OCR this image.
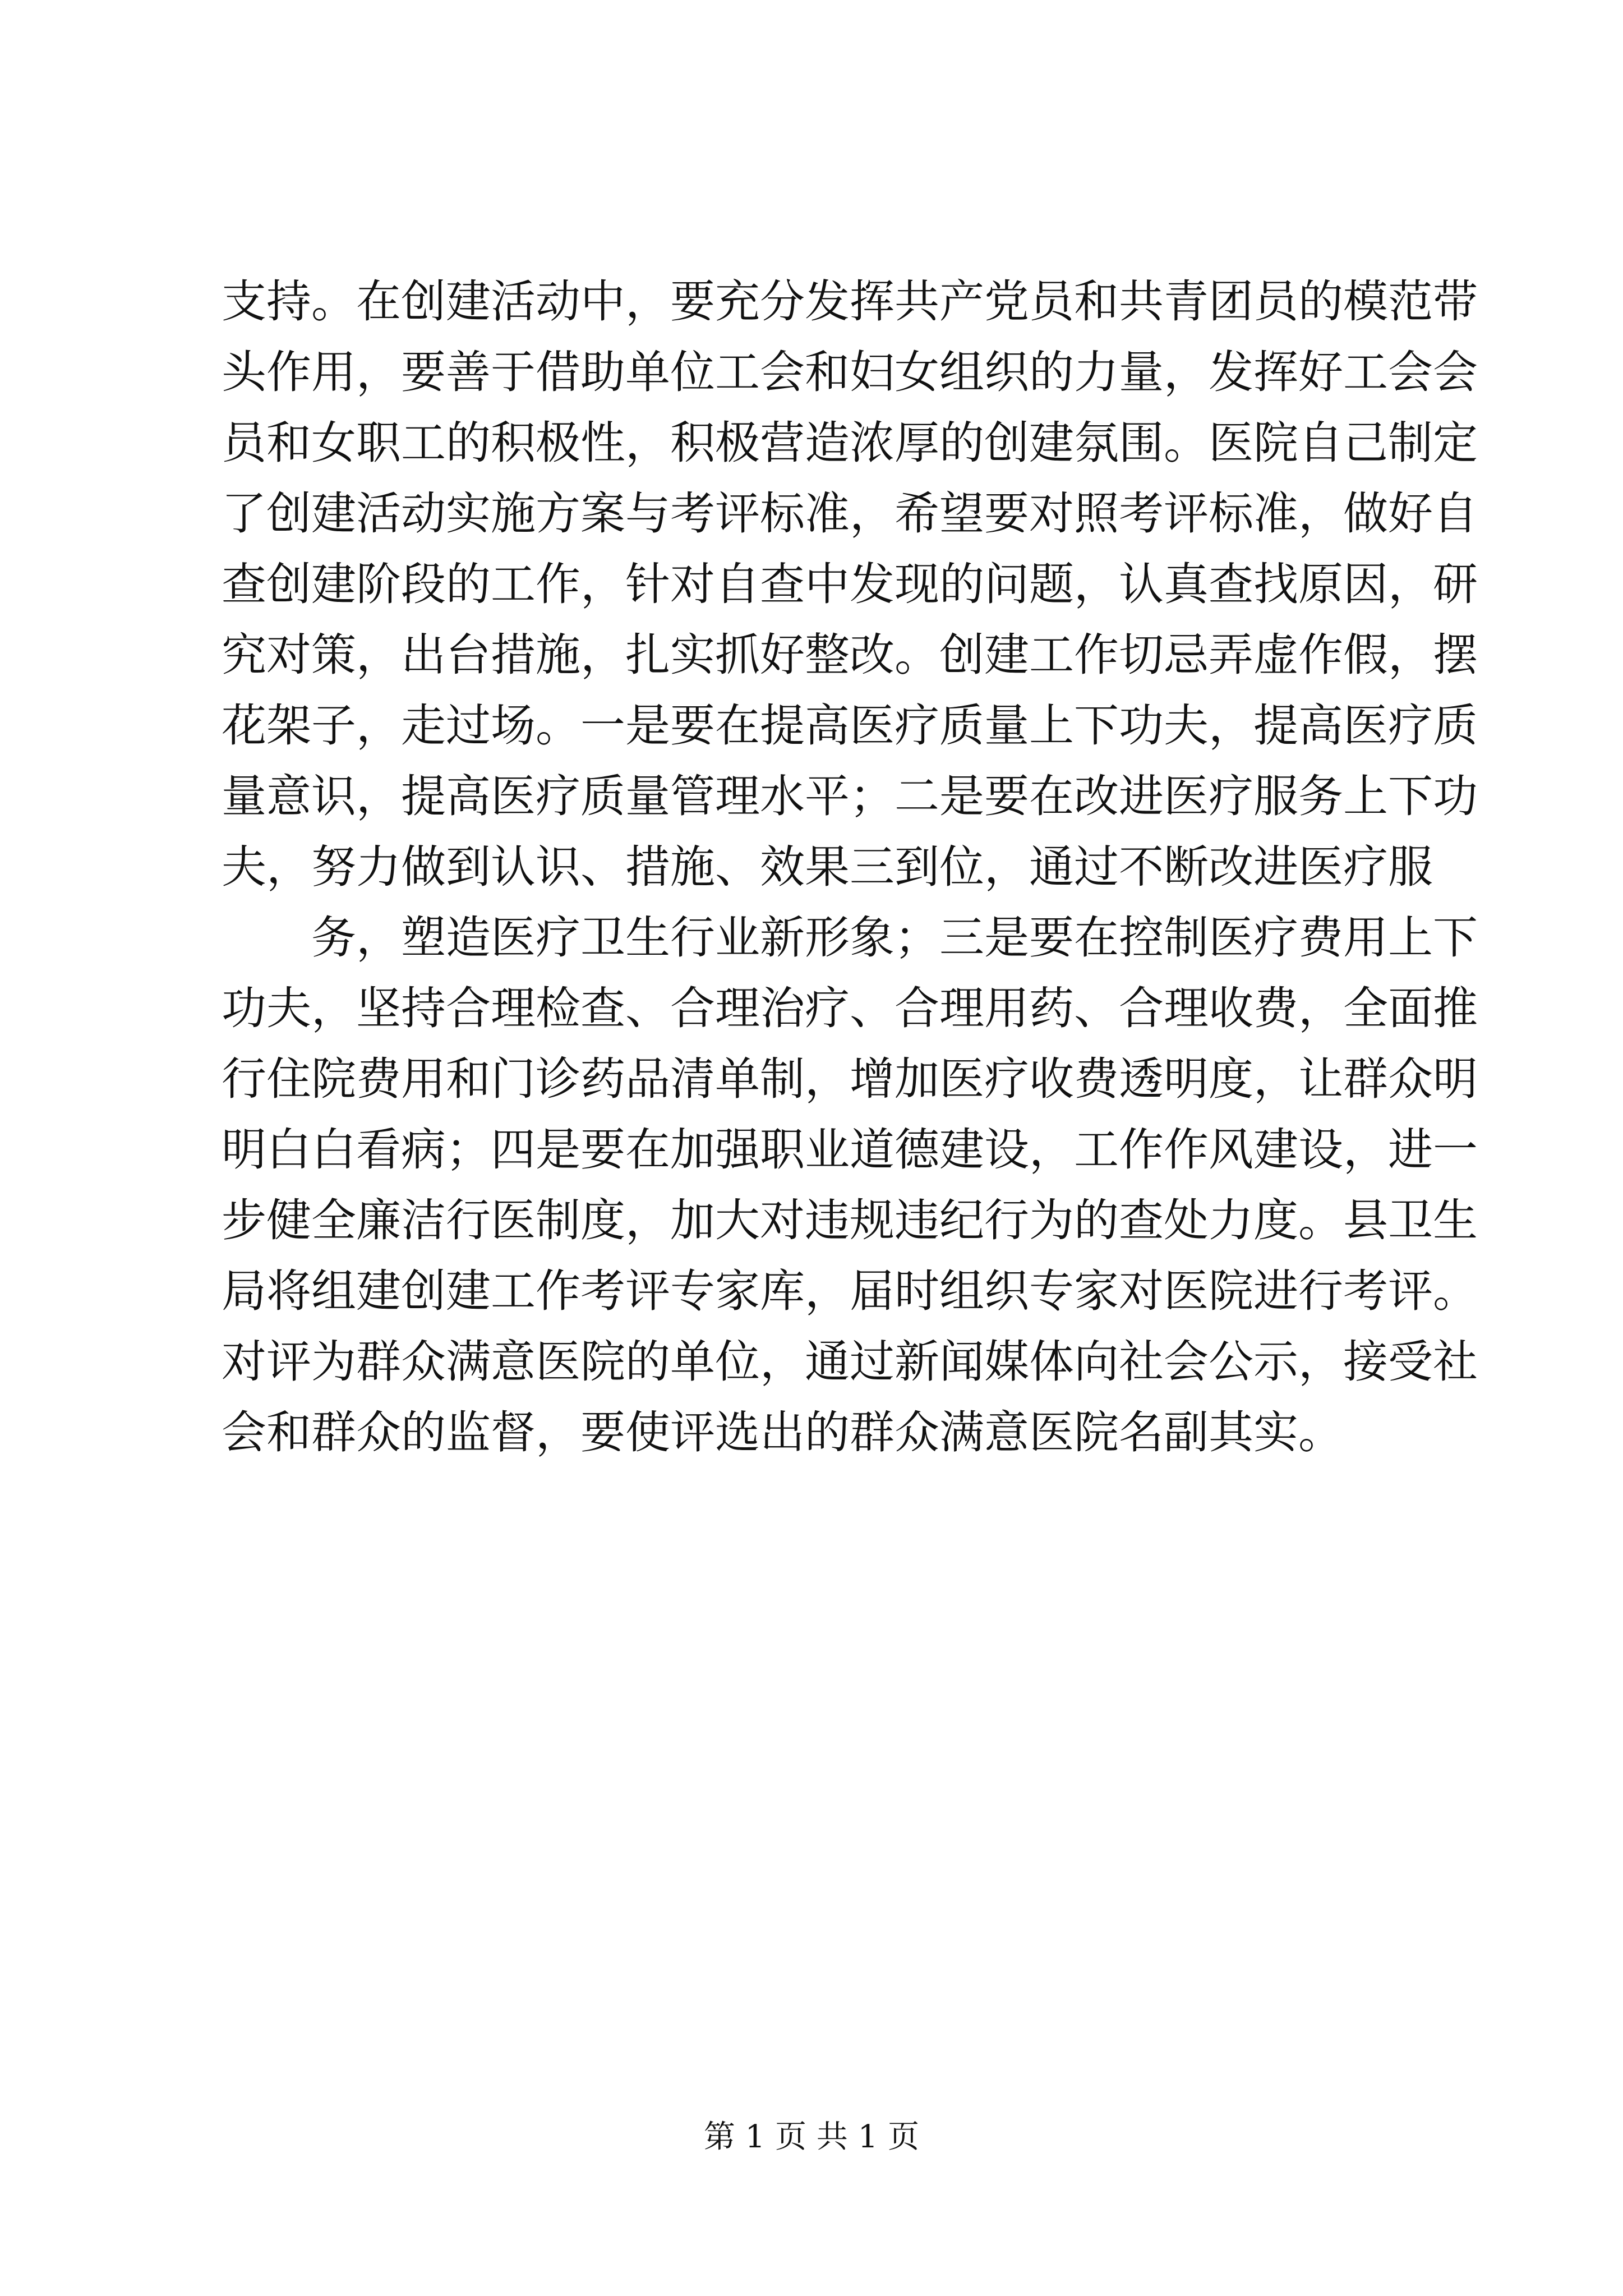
支持。在创建活动中，要充分发挥共产党员和共青团员的模范带
头作用，要善于借助单位工会和妇女组织的力量，发挥好工会会
员和女职工的积极性，积极营造浓厚的创建氛围。医院自己制定
了创建活动实施方案与考评标准，希望要对照考评标准，做好自
查创建阶段的工作，针对自查中发现的问题，认真查找原因，研
究对策，出台措施，扎实抓好整改。创建工作切忌弄虚作假，摆
花架子，走过场。一是要在提高医疗质量上下功夫，提高医疗质
量意识，提高医疗质量管理水平；二是要在改进医疗服务上下功
夫，努力做到认识、措施、效果三到位，通过不断改进医疗服
务，塑造医疗卫生行业新形象；三是要在控制医疗费用上下
功夫，坚持合理检查、合理治疗、合理用药、合理收费，全面推
行住院费用和门诊药品清单制，增加医疗收费透明度，让群众明
明白白看病；四是要在加强职业道德建设，工作作风建设，进一
步健全廉洁行医制度，加大对违规违纪行为的查处力度。县卫生
局将组建创建工作考评专家库，届时组织专家对医院进行考评。
对评为群众满意医院的单位，通过新闻媒体向社会公示，接受社
会和群众的监督，要使评选出的群众满意医院名副其实。
第 1 页 共 1 页
